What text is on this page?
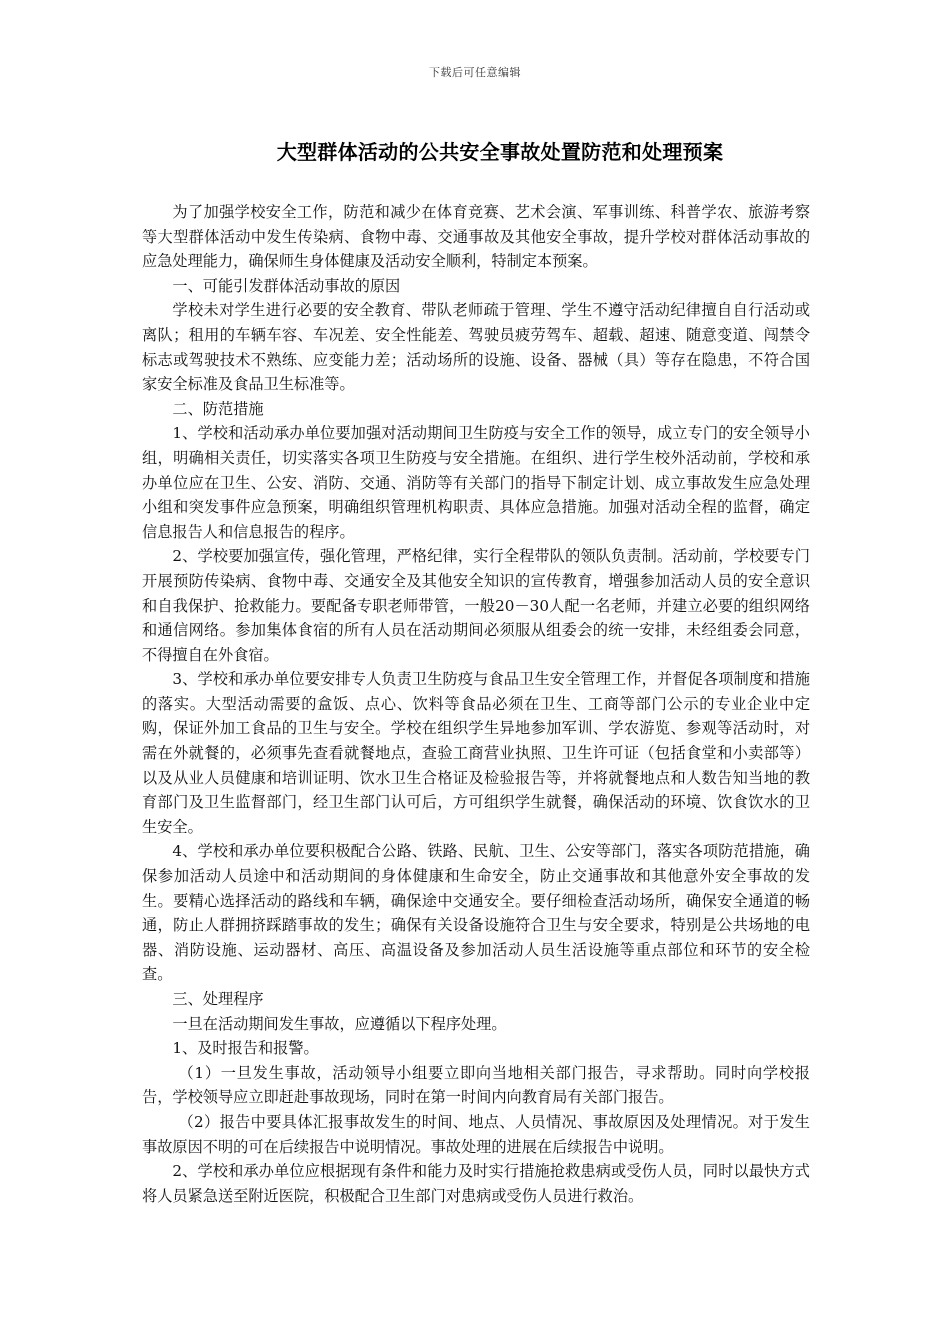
下载后可任意编辑
大型群体活动的公共安全事故处置防范和处理预案

为了加强学校安全工作，防范和减少在体育竞赛、艺术会演、军事训练、科普学农、旅游考察等大型群体活动中发生传染病、食物中毒、交通事故及其他安全事故，提升学校对群体活动事故的应急处理能力，确保师生身体健康及活动安全顺利，特制定本预案。

一、可能引发群体活动事故的原因

学校未对学生进行必要的安全教育、带队老师疏于管理、学生不遵守活动纪律擅自自行活动或离队；租用的车辆车容、车况差、安全性能差、驾驶员疲劳驾车、超载、超速、随意变道、闯禁令标志或驾驶技术不熟练、应变能力差；活动场所的设施、设备、器械（具）等存在隐患，不符合国家安全标准及食品卫生标准等。

二、防范措施

1、学校和活动承办单位要加强对活动期间卫生防疫与安全工作的领导，成立专门的安全领导小组，明确相关责任，切实落实各项卫生防疫与安全措施。在组织、进行学生校外活动前，学校和承办单位应在卫生、公安、消防、交通、消防等有关部门的指导下制定计划、成立事故发生应急处理小组和突发事件应急预案，明确组织管理机构职责、具体应急措施。加强对活动全程的监督，确定信息报告人和信息报告的程序。

2、学校要加强宣传，强化管理，严格纪律，实行全程带队的领队负责制。活动前，学校要专门开展预防传染病、食物中毒、交通安全及其他安全知识的宣传教育，增强参加活动人员的安全意识和自我保护、抢救能力。要配备专职老师带管，一般20－30人配一名老师，并建立必要的组织网络和通信网络。参加集体食宿的所有人员在活动期间必须服从组委会的统一安排，未经组委会同意，不得擅自在外食宿。

3、学校和承办单位要安排专人负责卫生防疫与食品卫生安全管理工作，并督促各项制度和措施的落实。大型活动需要的盒饭、点心、饮料等食品必须在卫生、工商等部门公示的专业企业中定购，保证外加工食品的卫生与安全。学校在组织学生异地参加军训、学农游览、参观等活动时，对需在外就餐的，必须事先查看就餐地点，查验工商营业执照、卫生许可证（包括食堂和小卖部等）以及从业人员健康和培训证明、饮水卫生合格证及检验报告等，并将就餐地点和人数告知当地的教育部门及卫生监督部门，经卫生部门认可后，方可组织学生就餐，确保活动的环境、饮食饮水的卫生安全。

4、学校和承办单位要积极配合公路、铁路、民航、卫生、公安等部门，落实各项防范措施，确保参加活动人员途中和活动期间的身体健康和生命安全，防止交通事故和其他意外安全事故的发生。要精心选择活动的路线和车辆，确保途中交通安全。要仔细检查活动场所，确保安全通道的畅通，防止人群拥挤踩踏事故的发生；确保有关设备设施符合卫生与安全要求，特别是公共场地的电器、消防设施、运动器材、高压、高温设备及参加活动人员生活设施等重点部位和环节的安全检查。

三、处理程序

一旦在活动期间发生事故，应遵循以下程序处理。

1、及时报告和报警。

（1）一旦发生事故，活动领导小组要立即向当地相关部门报告，寻求帮助。同时向学校报告，学校领导应立即赶赴事故现场，同时在第一时间内向教育局有关部门报告。

（2）报告中要具体汇报事故发生的时间、地点、人员情况、事故原因及处理情况。对于发生事故原因不明的可在后续报告中说明情况。事故处理的进展在后续报告中说明。

2、学校和承办单位应根据现有条件和能力及时实行措施抢救患病或受伤人员，同时以最快方式将人员紧急送至附近医院，积极配合卫生部门对患病或受伤人员进行救治。
